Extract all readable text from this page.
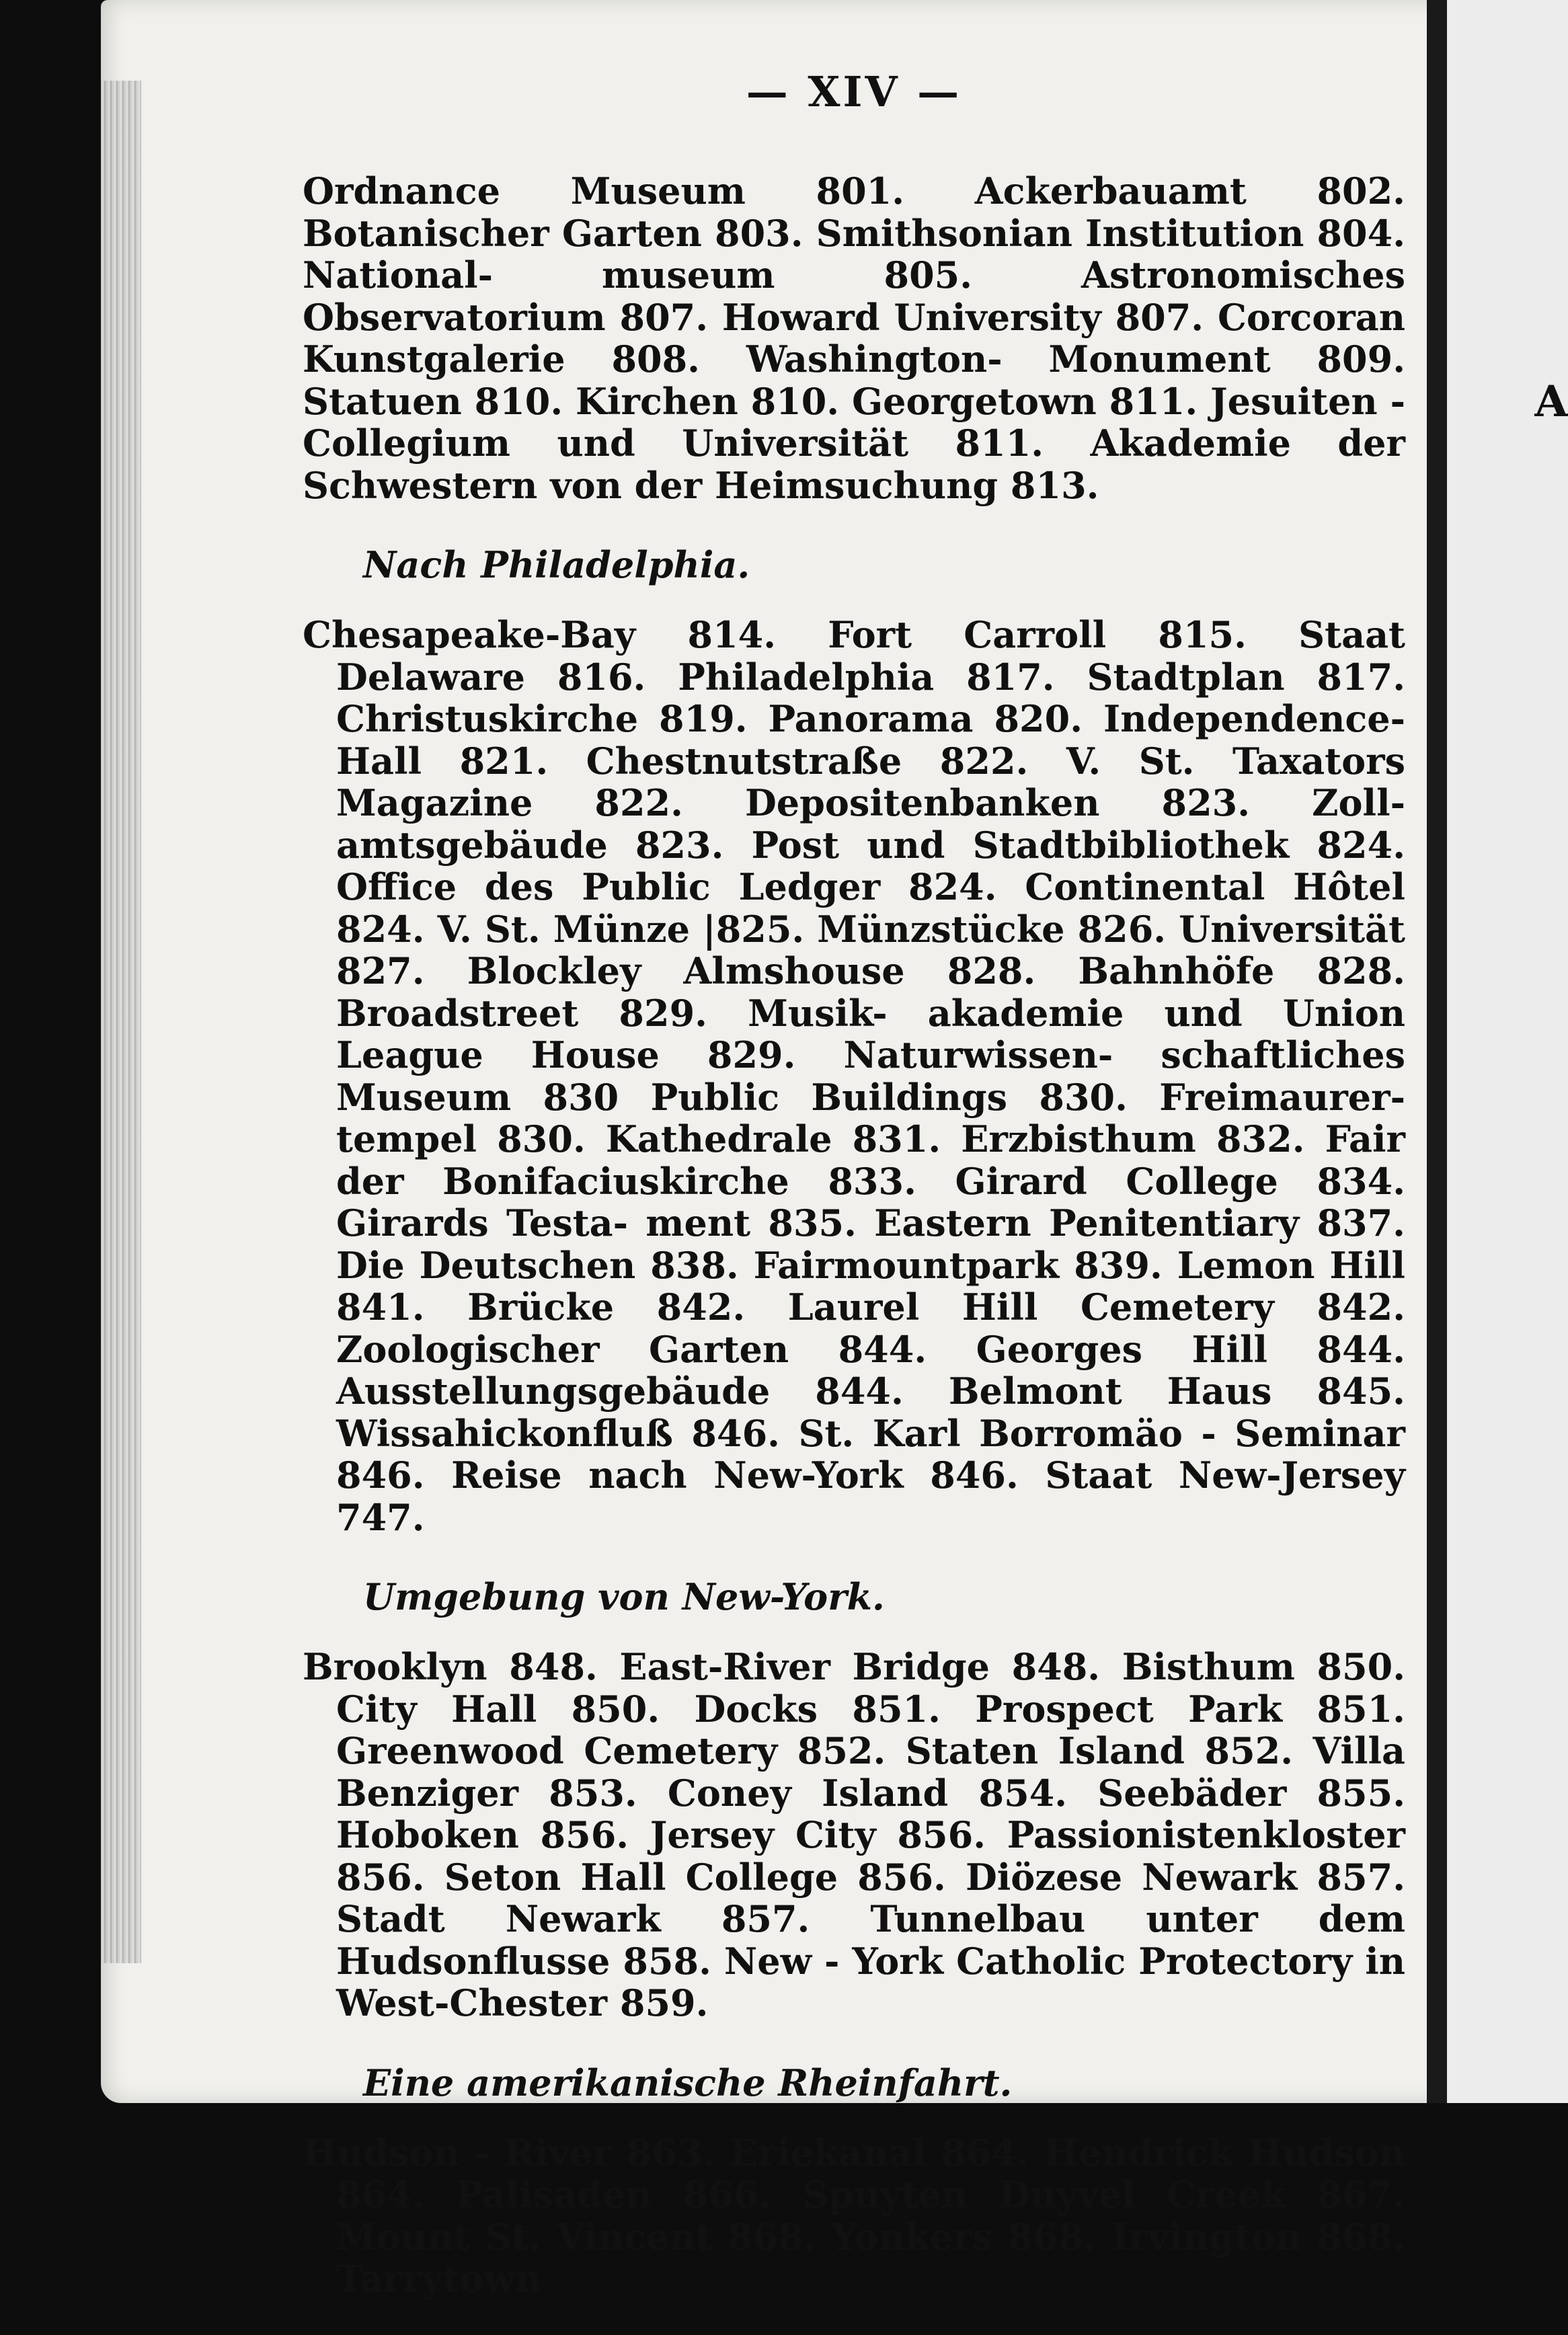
A
— XIV —

Ordnance Museum 801. Ackerbauamt 802. Botanischer Garten 803. Smithsonian Institution 804. National- museum 805. Astronomisches Observatorium 807. Howard University 807. Corcoran Kunstgalerie 808. Washington- Monument 809. Statuen 810. Kirchen 810. Georgetown 811. Jesuiten - Collegium und Universität 811. Akademie der Schwestern von der Heimsuchung 813.

Nach Philadelphia.

Chesapeake-Bay 814. Fort Carroll 815. Staat Delaware 816. Philadelphia 817. Stadtplan 817. Christuskirche 819. Panorama 820. Independence-Hall 821. Chestnutstraße 822. V. St. Taxators Magazine 822. Depositenbanken 823. Zoll- amtsgebäude 823. Post und Stadtbibliothek 824. Office des Public Ledger 824. Continental Hôtel 824. V. St. Münze |825. Münzstücke 826. Universität 827. Blockley Almshouse 828. Bahnhöfe 828. Broadstreet 829. Musik- akademie und Union League House 829. Naturwissen- schaftliches Museum 830 Public Buildings 830. Freimaurer- tempel 830. Kathedrale 831. Erzbisthum 832. Fair der Bonifaciuskirche 833. Girard College 834. Girards Testa- ment 835. Eastern Penitentiary 837. Die Deutschen 838. Fairmountpark 839. Lemon Hill 841. Brücke 842. Laurel Hill Cemetery 842. Zoologischer Garten 844. Georges Hill 844. Ausstellungsgebäude 844. Belmont Haus 845. Wissahickonfluß 846. St. Karl Borromäo - Seminar 846. Reise nach New-York 846. Staat New-Jersey 747.

Umgebung von New-York.

Brooklyn 848. East-River Bridge 848. Bisthum 850. City Hall 850. Docks 851. Prospect Park 851. Greenwood Cemetery 852. Staten Island 852. Villa Benziger 853. Coney Island 854. Seebäder 855. Hoboken 856. Jersey City 856. Passionistenkloster 856. Seton Hall College 856. Diözese Newark 857. Stadt Newark 857. Tunnelbau unter dem Hudsonflusse 858. New - York Catholic Protectory in West-Chester 859.

Eine amerikanische Rheinfahrt.

Hudson - River 863. Eriekanal 864. Hendrick Hudson 864. Palisaden 866. Spuyten Duyvel Creek 867. Mount St. Vincent 868. Yonkers 868. Irvington 868. Tarrytown
